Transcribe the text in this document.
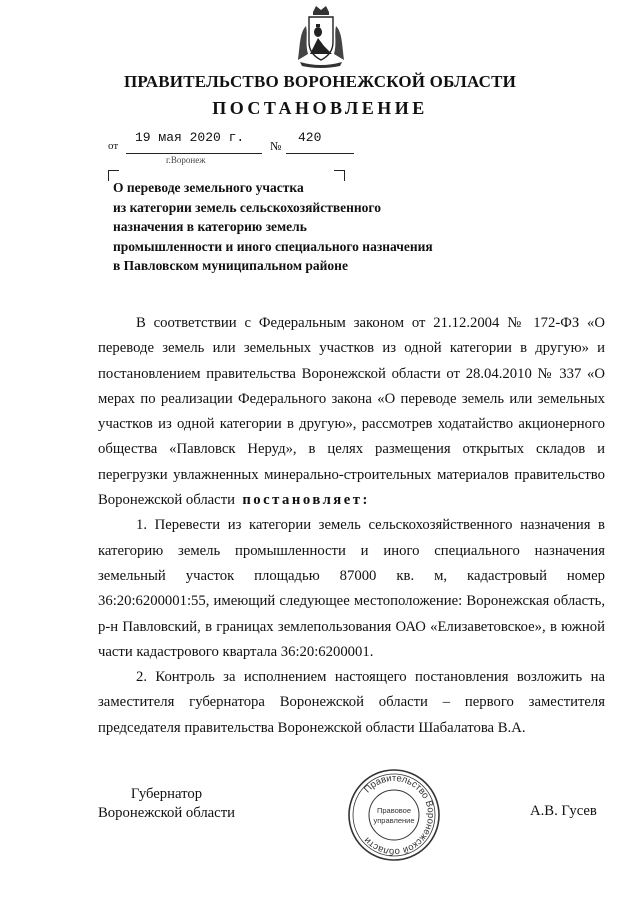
ПРАВИТЕЛЬСТВО ВОРОНЕЖСКОЙ ОБЛАСТИ
ПОСТАНОВЛЕНИЕ
от
19 мая 2020 г.
№
420
г.Воронеж
О переводе земельного участка
из категории земель сельскохозяйственного
назначения в категорию земель
промышленности и иного специального назначения
в Павловском муниципальном районе

В соответствии с Федеральным законом от 21.12.2004 № 172-ФЗ «О переводе земель или земельных участков из одной категории в другую» и постановлением правительства Воронежской области от 28.04.2010 № 337 «О мерах по реализации Федерального закона «О переводе земель или земельных участков из одной категории в другую», рассмотрев ходатайство акционерного общества «Павловск Неруд», в целях размещения открытых складов и перегрузки увлажненных минерально-строительных материалов правительство Воронежской области постановляет:

1. Перевести из категории земель сельскохозяйственного назначения в категорию земель промышленности и иного специального назначения земельный участок площадью 87000 кв. м, кадастровый номер 36:20:6200001:55, имеющий следующее местоположение: Воронежская область, р-н Павловский, в границах землепользования ОАО «Елизаветовское», в южной части кадастрового квартала 36:20:6200001.

2. Контроль за исполнением настоящего постановления возложить на заместителя губернатора Воронежской области – первого заместителя председателя правительства Воронежской области Шабалатова В.А.

Губернатор
Воронежской области
Правительство Воронежской области
Правовое
управление
А.В. Гусев
